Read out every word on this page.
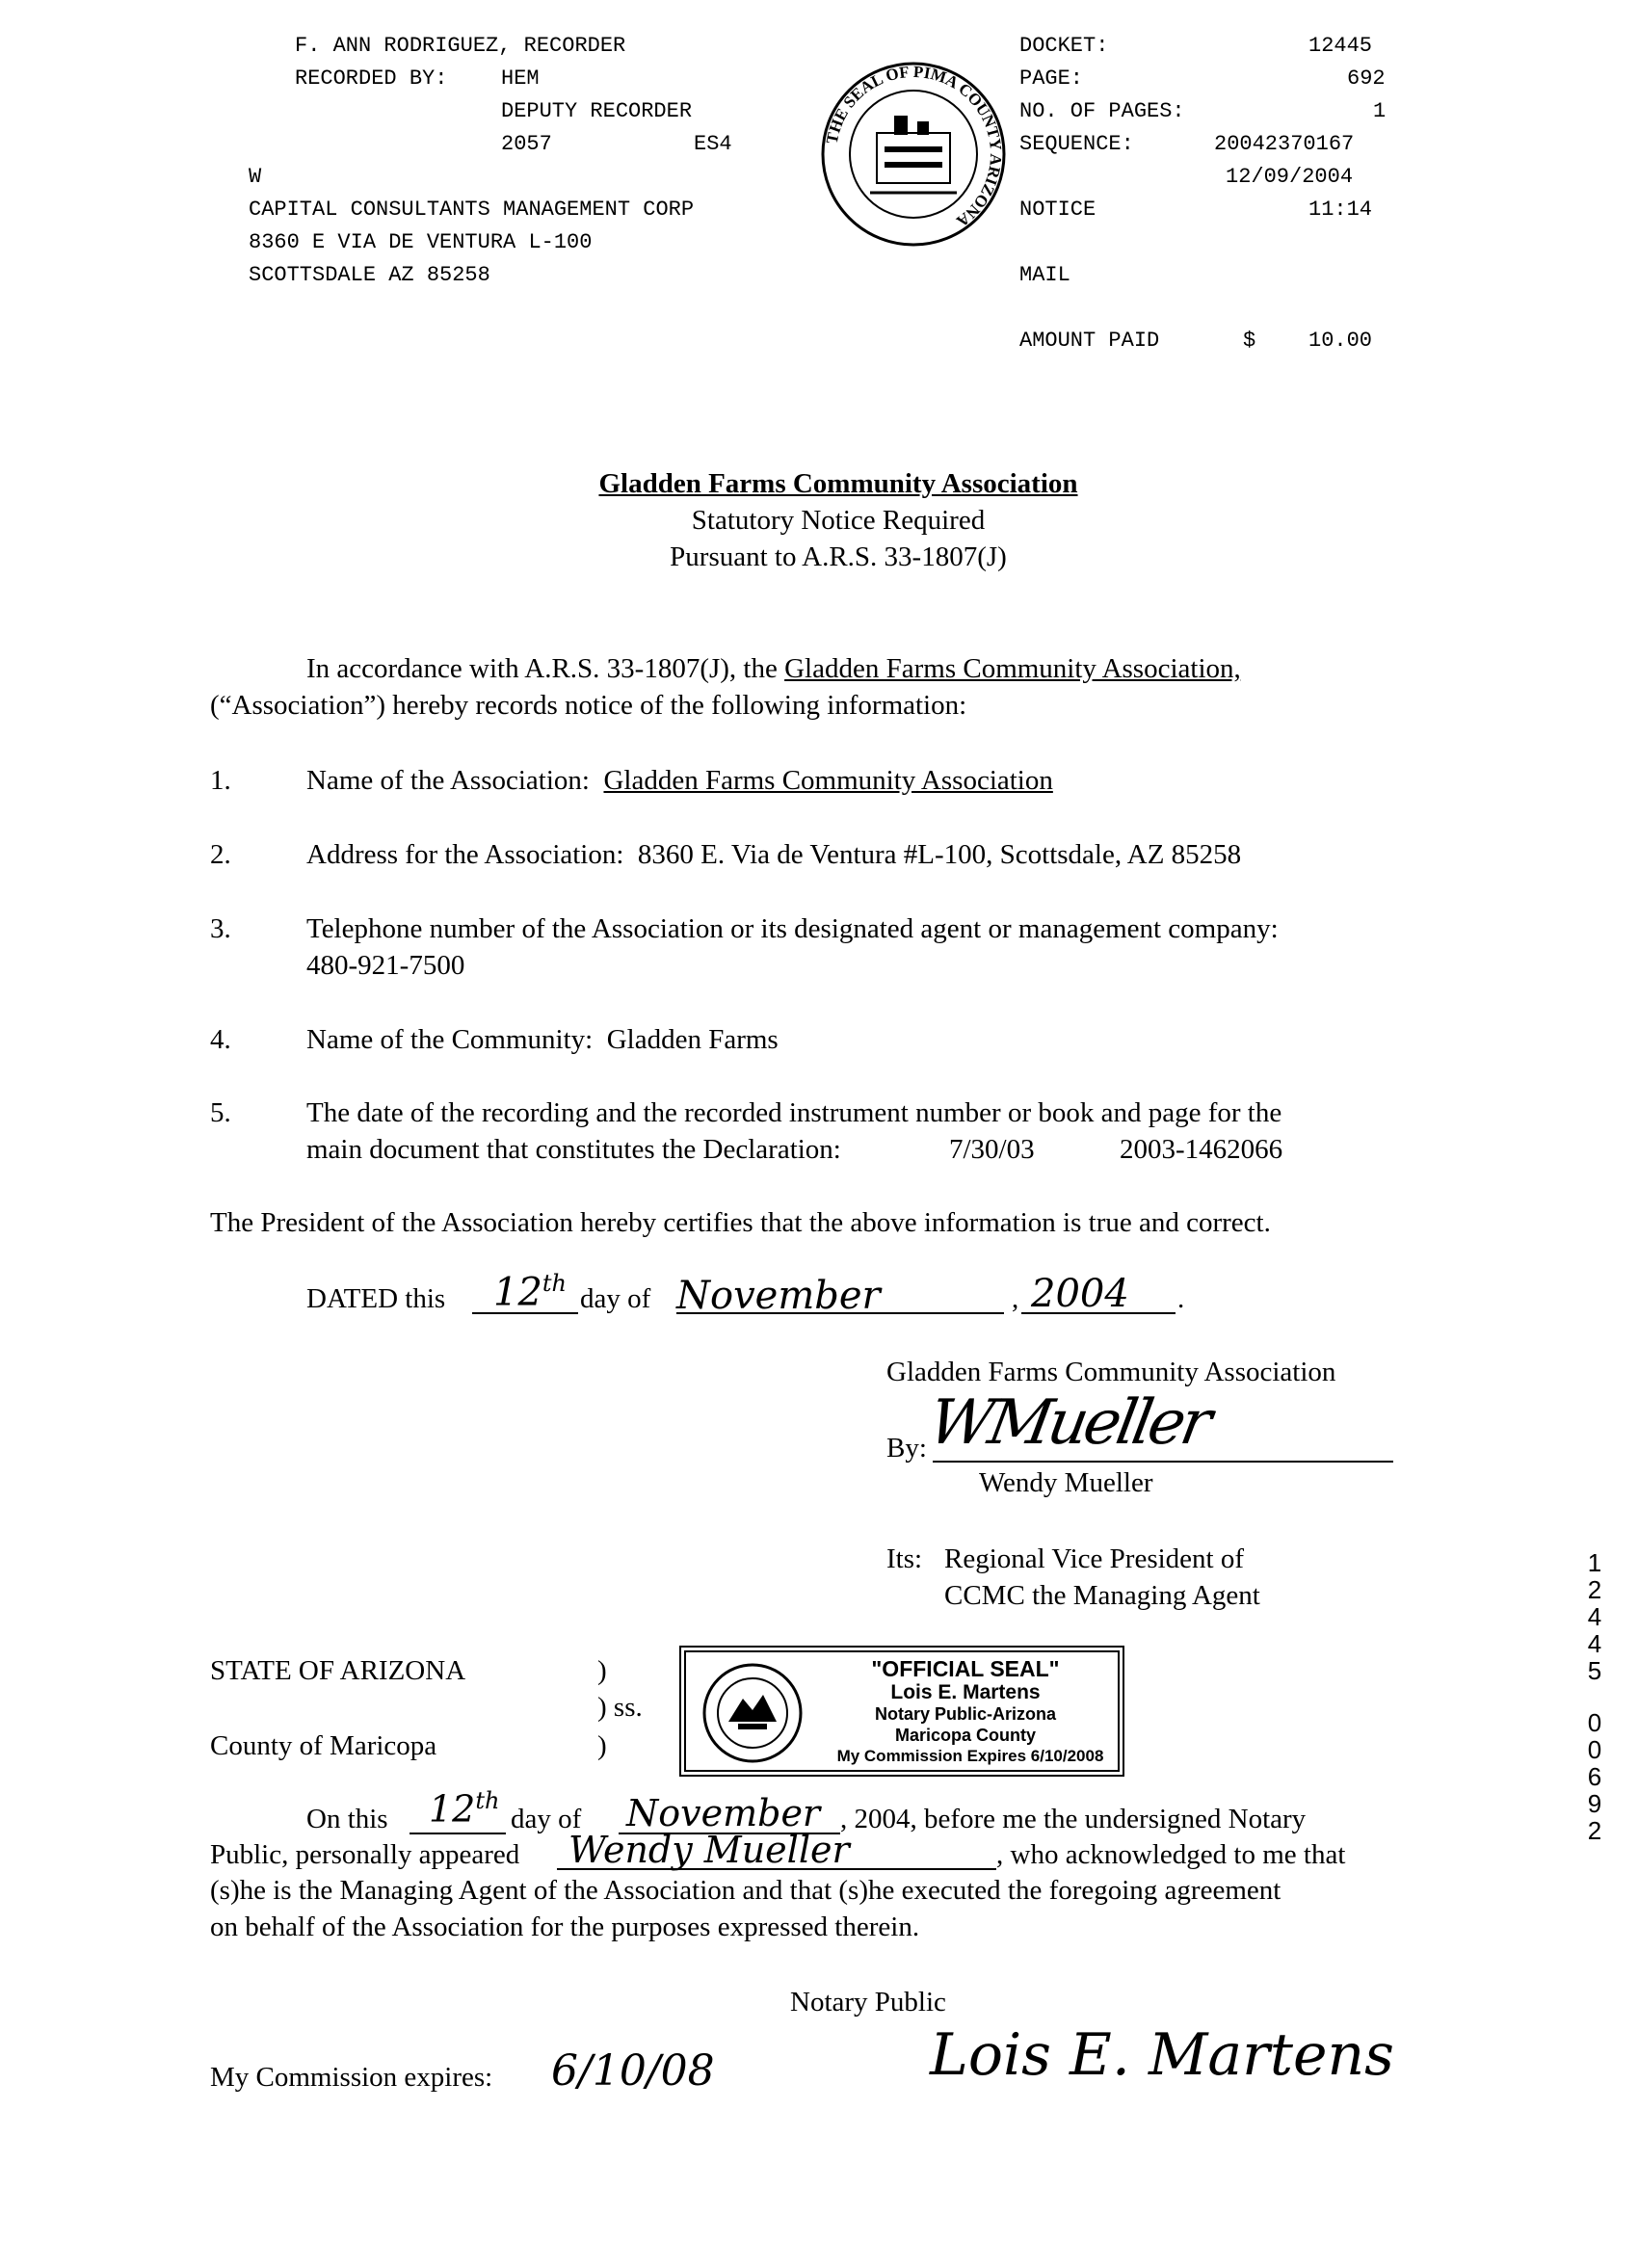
F. ANN RODRIGUEZ, RECORDER
RECORDED BY:	HEM
DEPUTY RECORDER
2057	ES4
W
CAPITAL CONSULTANTS MANAGEMENT CORP
8360 E VIA DE VENTURA L-100
SCOTTSDALE AZ 85258
THE SEAL OF PIMA COUNTY ARIZONA
DOCKET:	12445
PAGE:	692
NO. OF PAGES:	1
SEQUENCE:	20042370167
12/09/2004
NOTICE	11:14
MAIL
AMOUNT PAID	$ 10.00
Gladden Farms Community Association
Statutory Notice Required
Pursuant to A.R.S. 33-1807(J)
In accordance with A.R.S. 33-1807(J), the Gladden Farms Community Association,
(“Association”) hereby records notice of the following information:
1.	Name of the Association: Gladden Farms Community Association
2.	Address for the Association: 8360 E. Via de Ventura #L-100, Scottsdale, AZ 85258
3.	Telephone number of the Association or its designated agent or management company:
480-921-7500
4.	Name of the Community: Gladden Farms
5.	The date of the recording and the recorded instrument number or book and page for the
main document that constitutes the Declaration:	7/30/03	2003-1462066
The President of the Association hereby certifies that the above information is true and correct.
DATED this 12th day of November	, 2004 .
Gladden Farms Community Association
By:
WMueller
Wendy Mueller
Its: Regional Vice President of
CCMC the Managing Agent
STATE OF ARIZONA	)
) ss.
County of Maricopa	)
"OFFICIAL SEAL"
Lois E. Martens
Notary Public-Arizona
Maricopa County
My Commission Expires 6/10/2008
On this 12th
day of November , 2004, before me the undersigned Notary
Public, personally appeared Wendy Mueller	, who acknowledged to me that
(s)he is the Managing Agent of the Association and that (s)he executed the foregoing agreement
on behalf of the Association for the purposes expressed therein.
Notary Public
My Commission expires: 6/10/08	Lois E. Martens
1
2
4
4
5
0
0
6
9
2
